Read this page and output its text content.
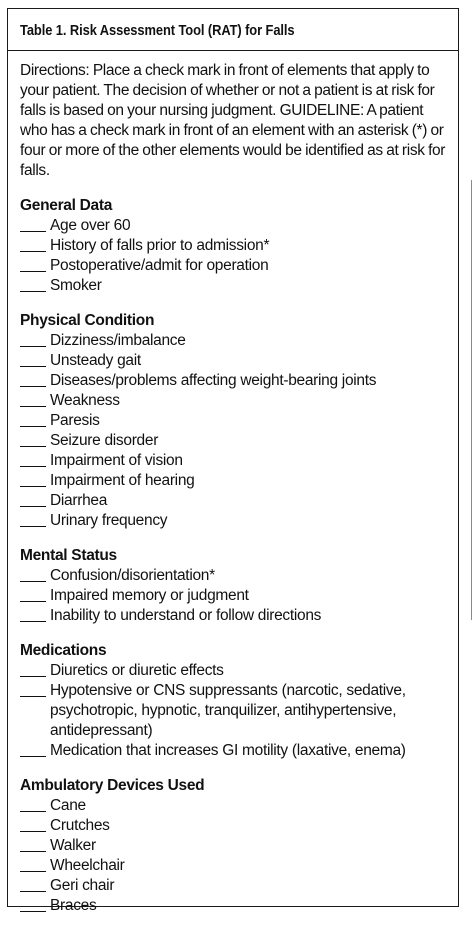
Table 1. Risk Assessment Tool (RAT) for Falls

Directions: Place a check mark in front of elements that apply to your patient. The decision of whether or not a patient is at risk for falls is based on your nursing judgment. GUIDELINE: A patient who has a check mark in front of an element with an asterisk (*) or four or more of the other elements would be identified as at risk for falls.

General Data
Age over 60
History of falls prior to admission*
Postoperative/admit for operation
Smoker
Physical Condition
Dizziness/imbalance
Unsteady gait
Diseases/problems affecting weight-bearing joints
Weakness
Paresis
Seizure disorder
Impairment of vision
Impairment of hearing
Diarrhea
Urinary frequency
Mental Status
Confusion/disorientation*
Impaired memory or judgment
Inability to understand or follow directions
Medications
Diuretics or diuretic effects
Hypotensive or CNS suppressants (narcotic, sedative, psychotropic, hypnotic, tranquilizer, antihypertensive, antidepressant)
Medication that increases GI motility (laxative, enema)
Ambulatory Devices Used
Cane
Crutches
Walker
Wheelchair
Geri chair
Braces
